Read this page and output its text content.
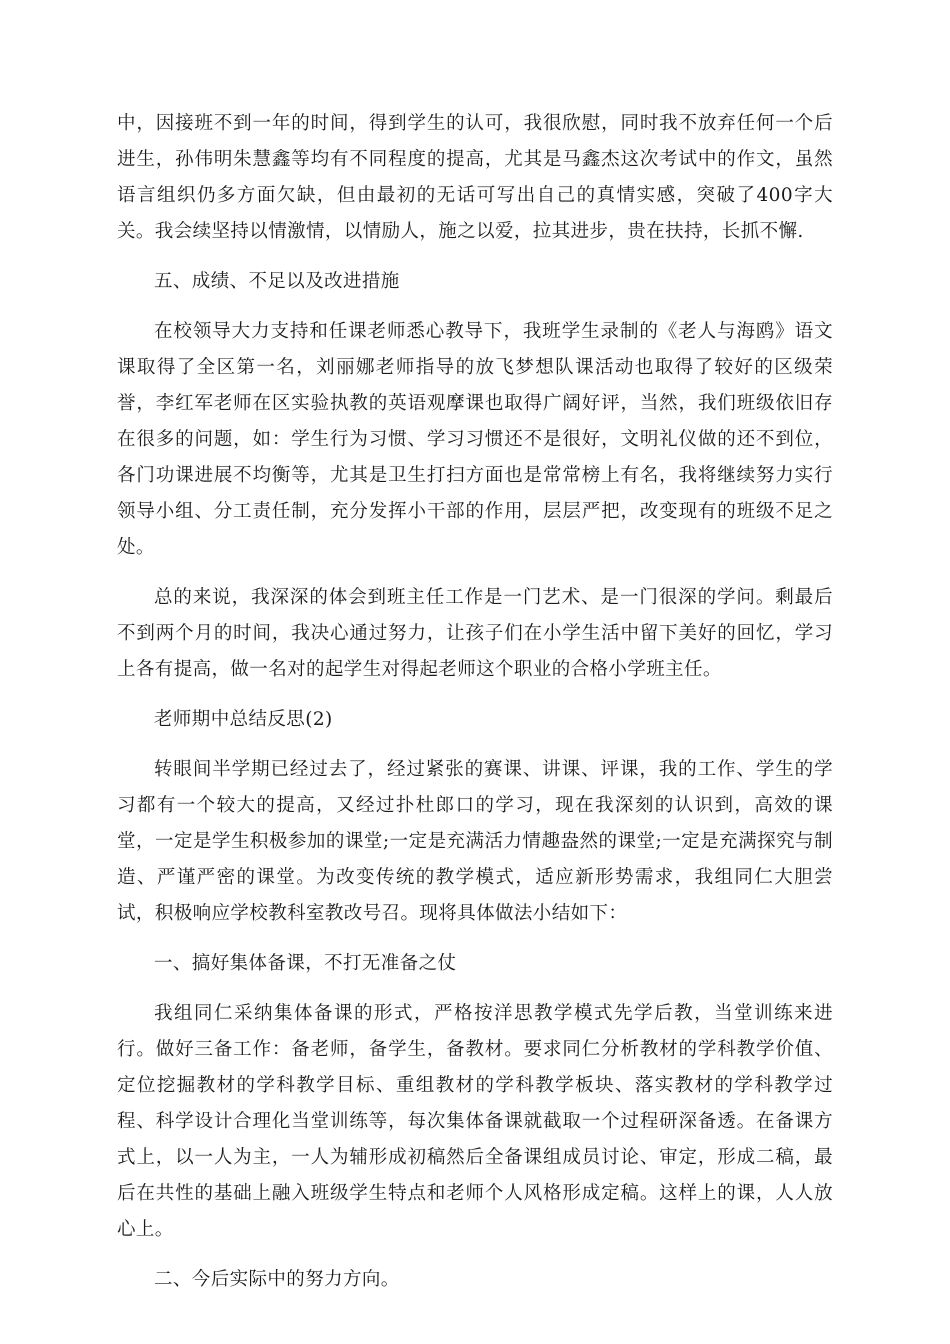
中，因接班不到一年的时间，得到学生的认可，我很欣慰，同时我不放弃任何一个后进生，孙伟明朱慧鑫等均有不同程度的提高，尤其是马鑫杰这次考试中的作文，虽然语言组织仍多方面欠缺，但由最初的无话可写出自己的真情实感，突破了400字大关。我会续坚持以情激情，以情励人，施之以爱，拉其进步，贵在扶持，长抓不懈.

五、成绩、不足以及改进措施

在校领导大力支持和任课老师悉心教导下，我班学生录制的《老人与海鸥》语文课取得了全区第一名，刘丽娜老师指导的放飞梦想队课活动也取得了较好的区级荣誉，李红军老师在区实验执教的英语观摩课也取得广阔好评，当然，我们班级依旧存在很多的问题，如：学生行为习惯、学习习惯还不是很好，文明礼仪做的还不到位，各门功课进展不均衡等，尤其是卫生打扫方面也是常常榜上有名，我将继续努力实行领导小组、分工责任制，充分发挥小干部的作用，层层严把，改变现有的班级不足之处。

总的来说，我深深的体会到班主任工作是一门艺术、是一门很深的学问。剩最后不到两个月的时间，我决心通过努力，让孩子们在小学生活中留下美好的回忆，学习上各有提高，做一名对的起学生对得起老师这个职业的合格小学班主任。

老师期中总结反思(2)

转眼间半学期已经过去了，经过紧张的赛课、讲课、评课，我的工作、学生的学习都有一个较大的提高，又经过扑杜郎口的学习，现在我深刻的认识到，高效的课堂，一定是学生积极参加的课堂;一定是充满活力情趣盎然的课堂;一定是充满探究与制造、严谨严密的课堂。为改变传统的教学模式，适应新形势需求，我组同仁大胆尝试，积极响应学校教科室教改号召。现将具体做法小结如下：

一、搞好集体备课，不打无准备之仗

我组同仁采纳集体备课的形式，严格按洋思教学模式先学后教，当堂训练来进行。做好三备工作：备老师，备学生，备教材。要求同仁分析教材的学科教学价值、定位挖掘教材的学科教学目标、重组教材的学科教学板块、落实教材的学科教学过程、科学设计合理化当堂训练等，每次集体备课就截取一个过程研深备透。在备课方式上，以一人为主，一人为辅形成初稿然后全备课组成员讨论、审定，形成二稿，最后在共性的基础上融入班级学生特点和老师个人风格形成定稿。这样上的课，人人放心上。

二、今后实际中的努力方向。
